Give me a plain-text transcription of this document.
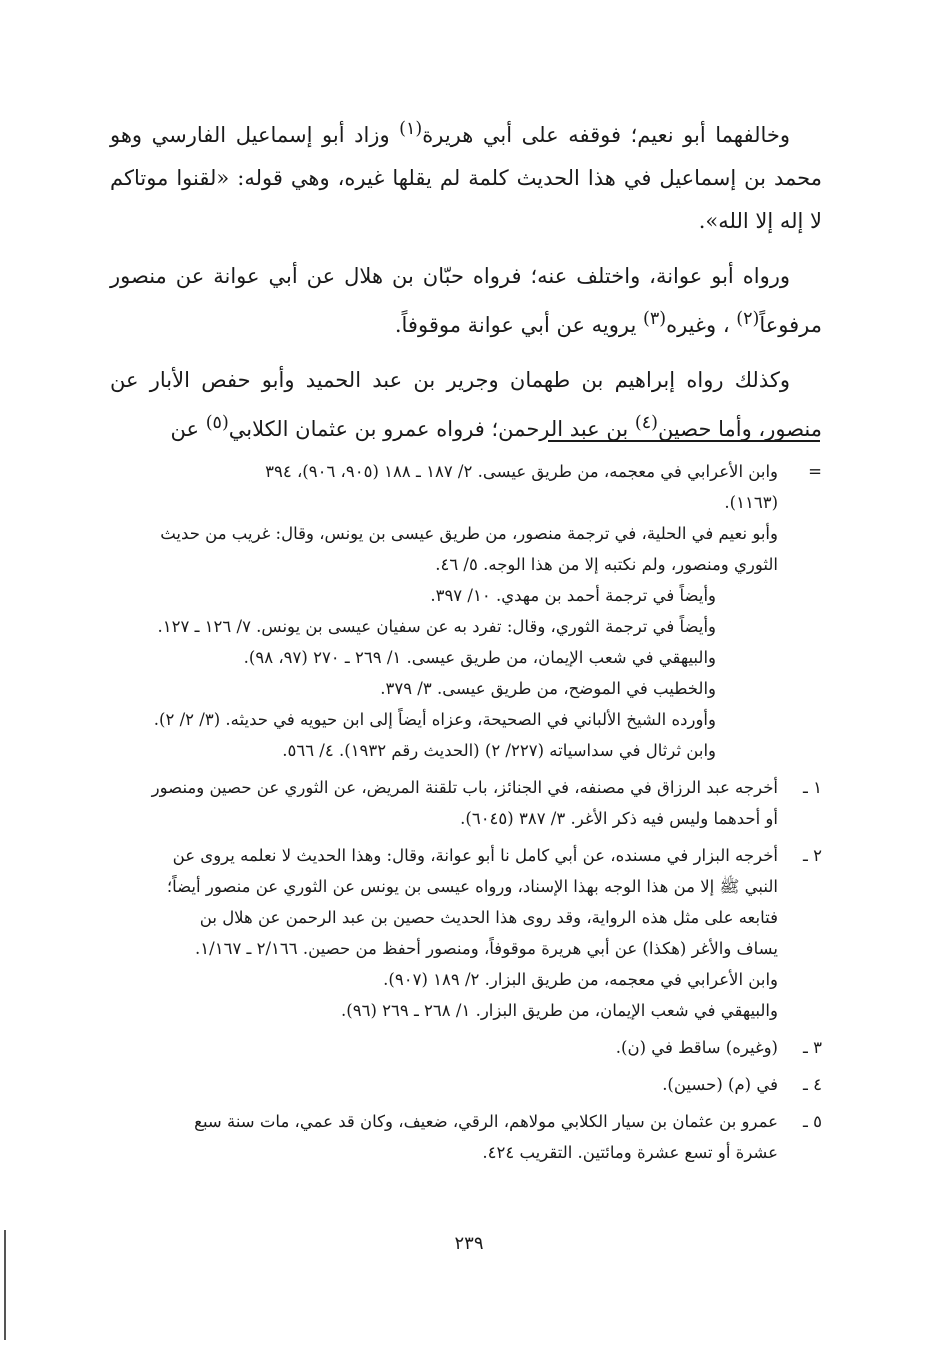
وخالفهما أبو نعيم؛ فوقفه على أبي هريرة$^{(١)}$ وزاد أبو إسماعيل الفارسي وهو محمد بن إسماعيل في هذا الحديث كلمة لم يقلها غيره، وهي قوله: «لقنوا موتاكم لا إله إلا الله».

ورواه أبو عوانة، واختلف عنه؛ فرواه حبّان بن هلال عن أبي عوانة عن منصور مرفوعاً$^{(٢)}$ ، وغيره$^{(٣)}$ يرويه عن أبي عوانة موقوفاً.

وكذلك رواه إبراهيم بن طهمان وجرير بن عبد الحميد وأبو حفص الأبار عن منصور، وأما حصين$^{(٤)}$ بن عبد الرحمن؛ فرواه عمرو بن عثمان الكلابي$^{(٥)}$ عن

=
وابن الأعرابي في معجمه، من طريق عيسى. ٢/ ١٨٧ ـ ١٨٨ (٩٠٥، ٩٠٦)، ٣٩٤
(١١٦٣).
وأبو نعيم في الحلية، في ترجمة منصور، من طريق عيسى بن يونس، وقال: غريب من حديث
الثوري ومنصور، ولم نكتبه إلا من هذا الوجه. ٥/ ٤٦.
وأيضاً في ترجمة أحمد بن مهدي. ١٠/ ٣٩٧.
وأيضاً في ترجمة الثوري، وقال: تفرد به عن سفيان عيسى بن يونس. ٧/ ١٢٦ ـ ١٢٧.
والبيهقي في شعب الإيمان، من طريق عيسى. ١/ ٢٦٩ ـ ٢٧٠ (٩٧، ٩٨).
والخطيب في الموضح، من طريق عيسى. ٣/ ٣٧٩.
وأورده الشيخ الألباني في الصحيحة، وعزاه أيضاً إلى ابن حيويه في حديثه. (٣/ ٢/ ٢).
وابن ثرثال في سداسياته (٢٢٧/ ٢) (الحديث رقم ١٩٣٢). ٤/ ٥٦٦.
١ ـ
أخرجه عبد الرزاق في مصنفه، في الجنائز، باب تلقنة المريض، عن الثوري عن حصين ومنصور
أو أحدهما وليس فيه ذكر الأغر. ٣/ ٣٨٧ (٦٠٤٥).
٢ ـ
أخرجه البزار في مسنده، عن أبي كامل نا أبو عوانة، وقال: وهذا الحديث لا نعلمه يروى عن
النبي ﷺ إلا من هذا الوجه بهذا الإسناد، ورواه عيسى بن يونس عن الثوري عن منصور أيضاً؛
فتابعه على مثل هذه الرواية، وقد روى هذا الحديث حصين بن عبد الرحمن عن هلال بن
يساف والأغر (هكذا) عن أبي هريرة موقوفاً، ومنصور أحفظ من حصين. ٢/١٦٦ ـ ١/١٦٧.
وابن الأعرابي في معجمه، من طريق البزار. ٢/ ١٨٩ (٩٠٧).
والبيهقي في شعب الإيمان، من طريق البزار. ١/ ٢٦٨ ـ ٢٦٩ (٩٦).
٣ ـ
(وغيره) ساقط في (ن).
٤ ـ
في (م) (حسين).
٥ ـ
عمرو بن عثمان بن سيار الكلابي مولاهم، الرقي، ضعيف، وكان قد عمي، مات سنة سبع
عشرة أو تسع عشرة ومائتين. التقريب ٤٢٤.
٢٣٩
